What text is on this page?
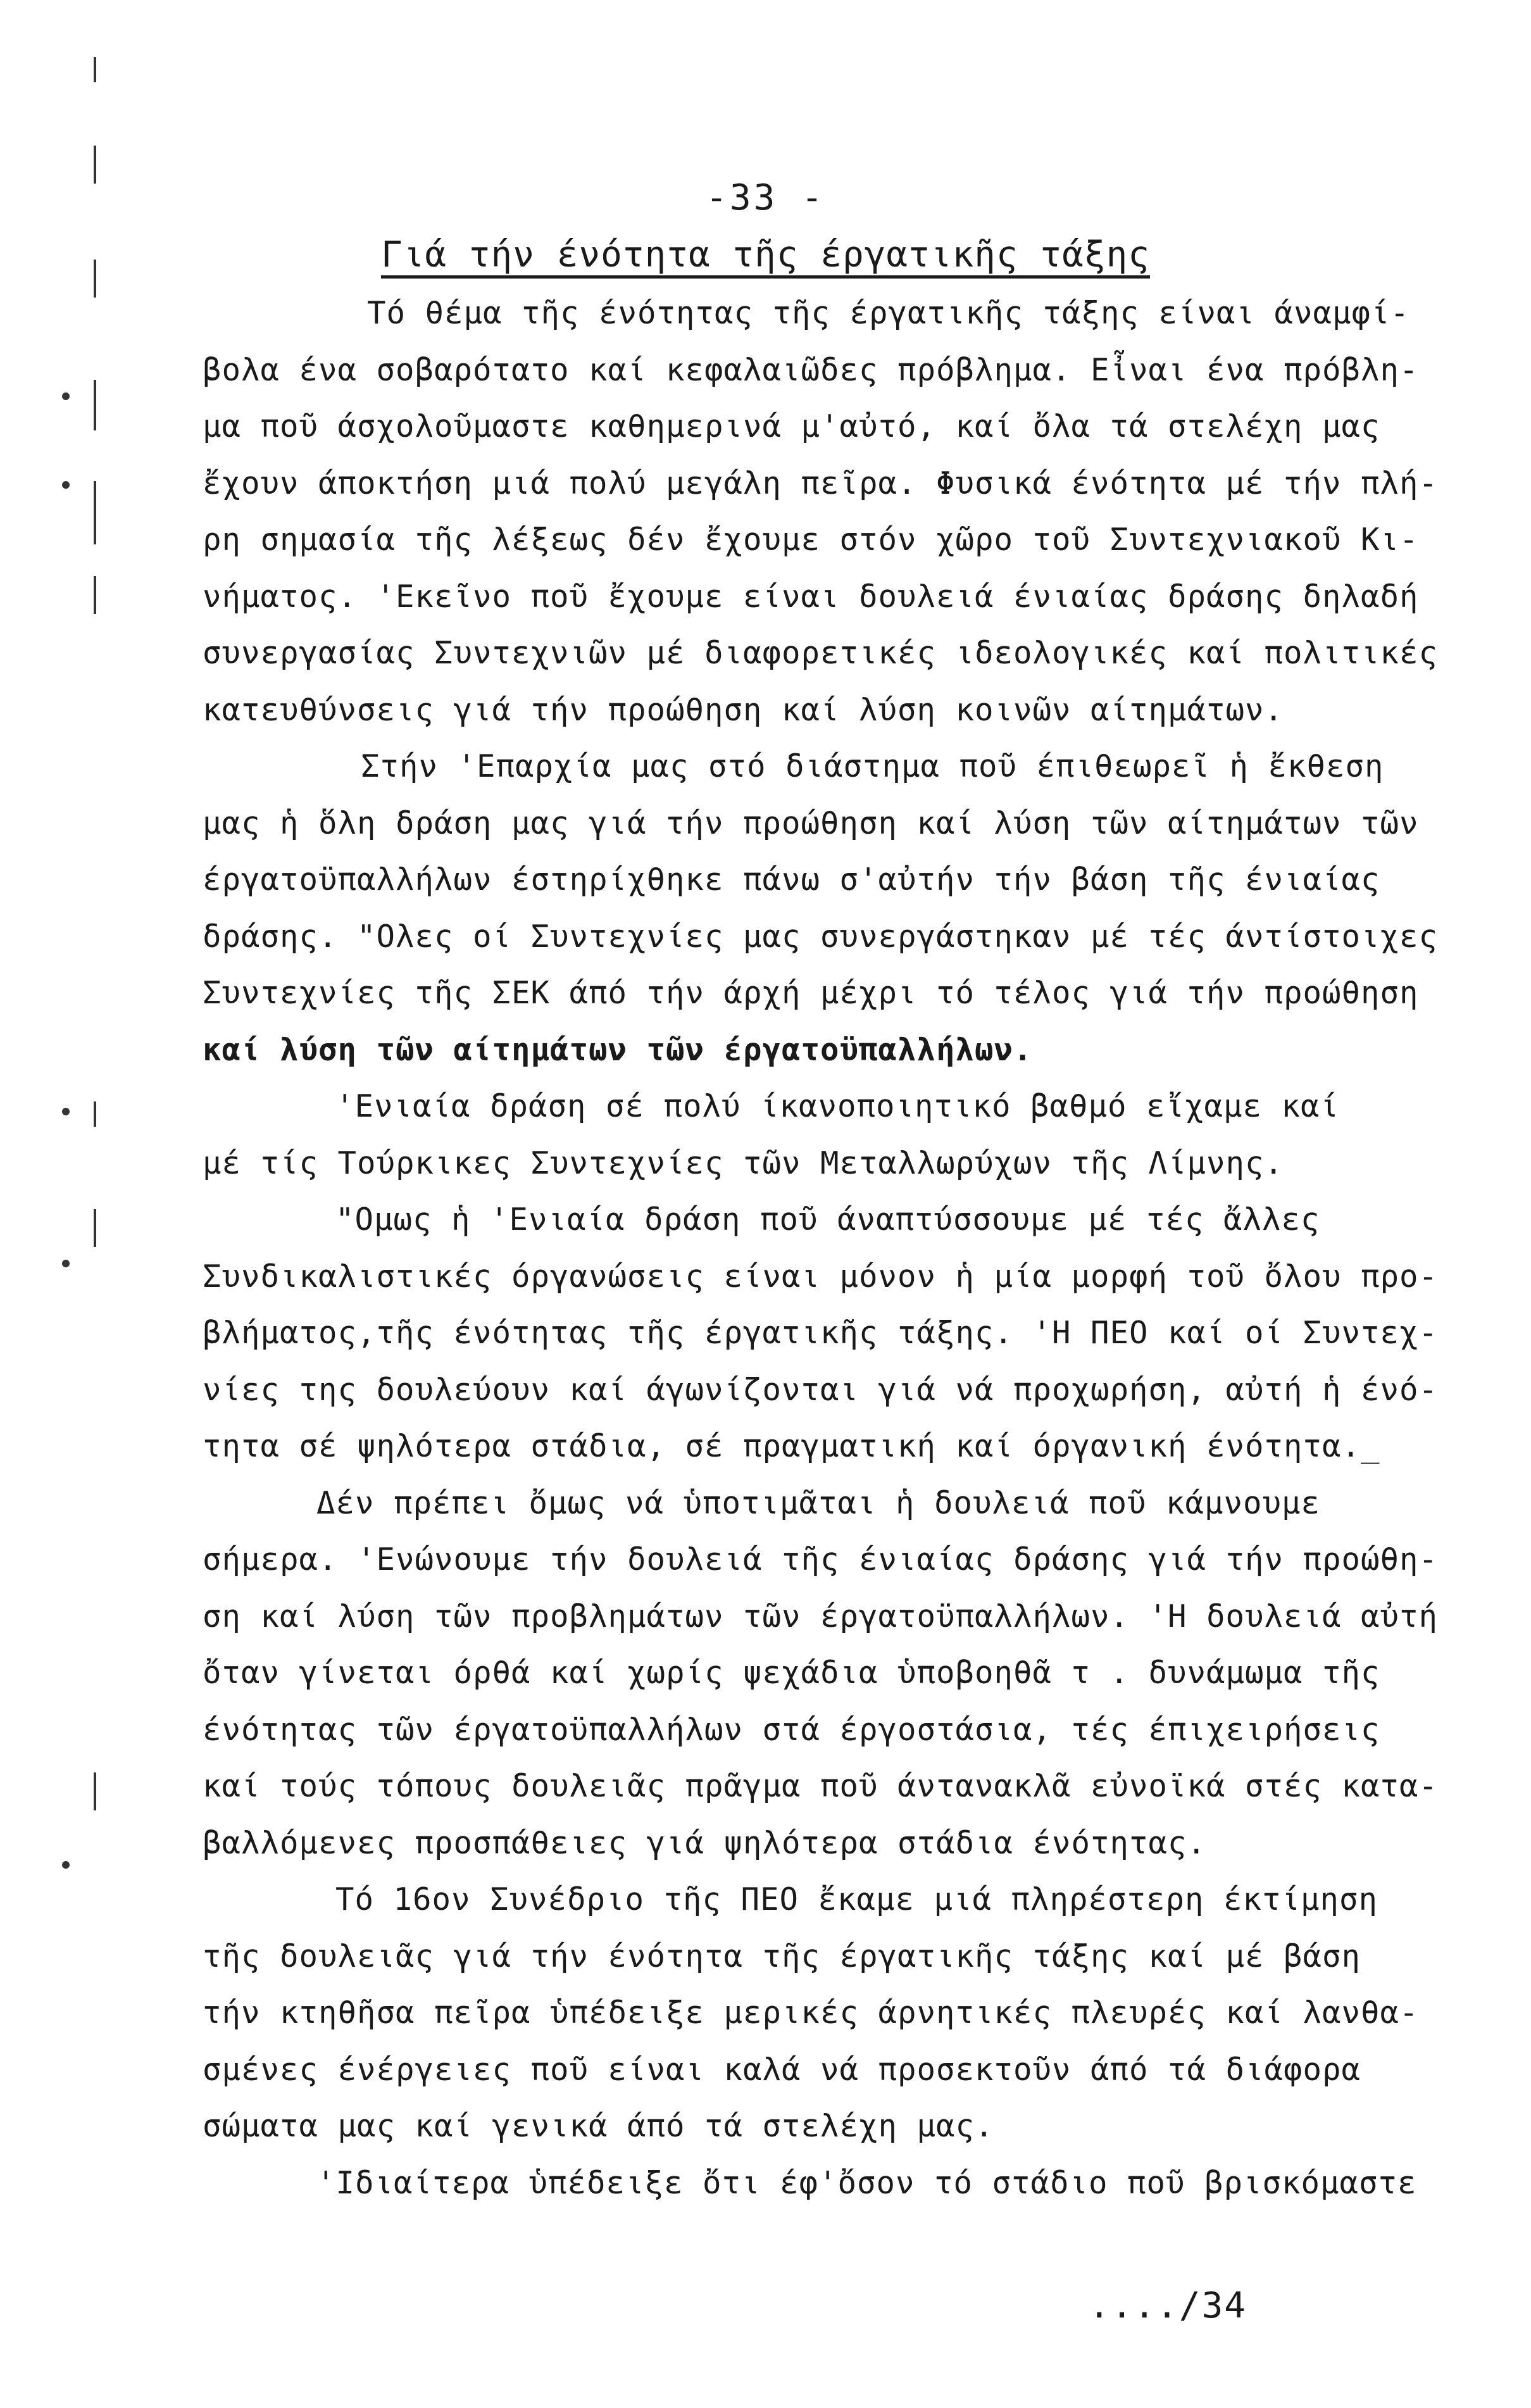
-33 -
Γιά τήν ένότητα τῆς έργατικῆς τάξης
Τό θέμα τῆς ένότητας τῆς έργατικῆς τάξης είναι άναμφί-
βολα ένα σοβαρότατο καί κεφαλαιῶδες πρόβλημα. Εἶναι ένα πρόβλη-
μα ποῦ άσχολοῦμαστε καθημερινά μ'αὐτό, καί ὄλα τά στελέχη μας
ἔχουν άποκτήση μιά πολύ μεγάλη πεῖρα. Φυσικά ένότητα μέ τήν πλή-
ρη σημασία τῆς λέξεως δέν ἔχουμε στόν χῶρο τοῦ Συντεχνιακοῦ Κι-
νήματος. 'Εκεῖνο ποῦ ἔχουμε είναι δουλειά ένιαίας δράσης δηλαδή
συνεργασίας Συντεχνιῶν μέ διαφορετικές ιδεολογικές καί πολιτικές
κατευθύνσεις γιά τήν προώθηση καί λύση κοινῶν αίτημάτων.
Στήν 'Επαρχία μας στό διάστημα ποῦ έπιθεωρεῖ ἡ ἔκθεση
μας ἡ ὅλη δράση μας γιά τήν προώθηση καί λύση τῶν αίτημάτων τῶν
έργατοϋπαλλήλων έστηρίχθηκε πάνω σ'αὐτήν τήν βάση τῆς ένιαίας
δράσης. "Ολες οί Συντεχνίες μας συνεργάστηκαν μέ τές άντίστοιχες
Συντεχνίες τῆς ΣΕΚ άπό τήν άρχή μέχρι τό τέλος γιά τήν προώθηση
καί λύση τῶν αίτημάτων τῶν έργατοϋπαλλήλων.
'Ενιαία δράση σέ πολύ ίκανοποιητικό βαθμό εἴχαμε καί
μέ τίς Τούρκικες Συντεχνίες τῶν Μεταλλωρύχων τῆς Λίμνης.
"Ομως ἡ 'Ενιαία δράση ποῦ άναπτύσσουμε μέ τές ἄλλες
Συνδικαλιστικές όργανώσεις είναι μόνον ἡ μία μορφή τοῦ ὄλου προ-
βλήματος,τῆς ένότητας τῆς έργατικῆς τάξης. 'Η ΠΕΟ καί οί Συντεχ-
νίες της δουλεύουν καί άγωνίζονται γιά νά προχωρήση, αὐτή ἡ ένό-
τητα σέ ψηλότερα στάδια, σέ πραγματική καί όργανική ένότητα._
Δέν πρέπει ὄμως νά ὑποτιμᾶται ἡ δουλειά ποῦ κάμνουμε
σήμερα. 'Ενώνουμε τήν δουλειά τῆς ένιαίας δράσης γιά τήν προώθη-
ση καί λύση τῶν προβλημάτων τῶν έργατοϋπαλλήλων. 'Η δουλειά αὐτή
ὄταν γίνεται όρθά καί χωρίς ψεχάδια ὑποβοηθᾶ τ . δυνάμωμα τῆς
ένότητας τῶν έργατοϋπαλλήλων στά έργοστάσια, τές έπιχειρήσεις
καί τούς τόπους δουλειᾶς πρᾶγμα ποῦ άντανακλᾶ εὐνοϊκά στές κατα-
βαλλόμενες προσπάθειες γιά ψηλότερα στάδια ένότητας.
Τό 16ον Συνέδριο τῆς ΠΕΟ ἔκαμε μιά πληρέστερη έκτίμηση
τῆς δουλειᾶς γιά τήν ένότητα τῆς έργατικῆς τάξης καί μέ βάση
τήν κτηθῆσα πεῖρα ὑπέδειξε μερικές άρνητικές πλευρές καί λανθα-
σμένες ένέργειες ποῦ είναι καλά νά προσεκτοῦν άπό τά διάφορα
σώματα μας καί γενικά άπό τά στελέχη μας.
'Ιδιαίτερα ὑπέδειξε ὄτι έφ'ὄσον τό στάδιο ποῦ βρισκόμαστε
..../34
